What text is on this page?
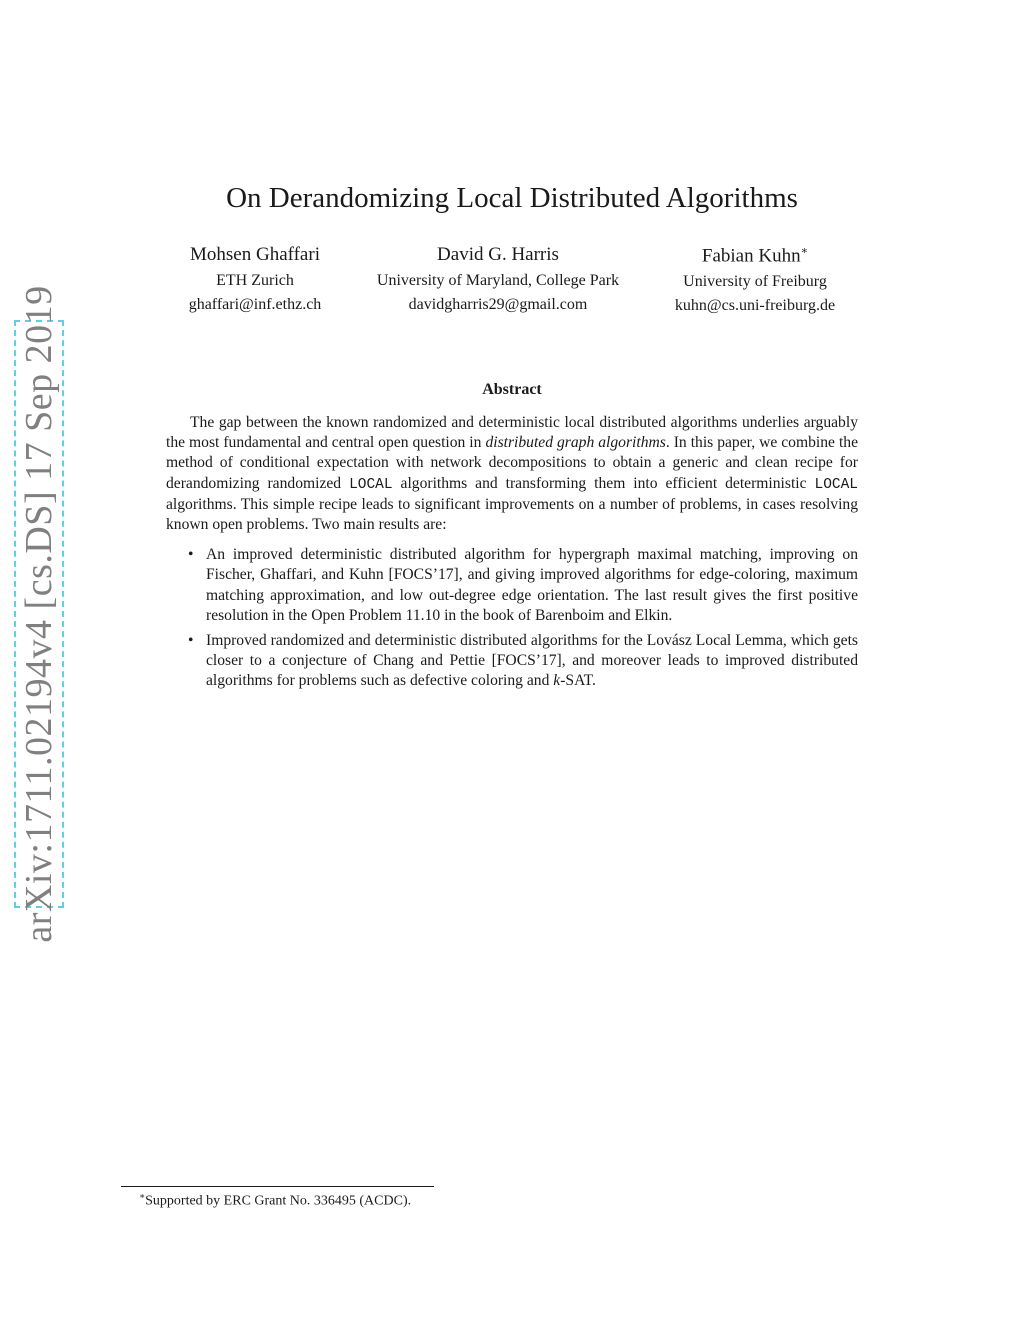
arXiv:1711.02194v4 [cs.DS] 17 Sep 2019
On Derandomizing Local Distributed Algorithms
Mohsen Ghaffari
ETH Zurich
ghaffari@inf.ethz.ch
David G. Harris
University of Maryland, College Park
davidgharris29@gmail.com
Fabian Kuhn∗
University of Freiburg
kuhn@cs.uni-freiburg.de
Abstract

The gap between the known randomized and deterministic local distributed algorithms underlies arguably the most fundamental and central open question in distributed graph algorithms. In this paper, we combine the method of conditional expectation with network decompositions to obtain a generic and clean recipe for derandomizing randomized LOCAL algorithms and transforming them into efficient deterministic LOCAL algorithms. This simple recipe leads to significant improvements on a number of problems, in cases resolving known open problems. Two main results are:

• An improved deterministic distributed algorithm for hypergraph maximal matching, improving on Fischer, Ghaffari, and Kuhn [FOCS’17], and giving improved algorithms for edge-coloring, maximum matching approximation, and low out-degree edge orientation. The last result gives the first positive resolution in the Open Problem 11.10 in the book of Barenboim and Elkin.
• Improved randomized and deterministic distributed algorithms for the Lovász Local Lemma, which gets closer to a conjecture of Chang and Pettie [FOCS’17], and moreover leads to improved distributed algorithms for problems such as defective coloring and k-SAT.
∗Supported by ERC Grant No. 336495 (ACDC).
